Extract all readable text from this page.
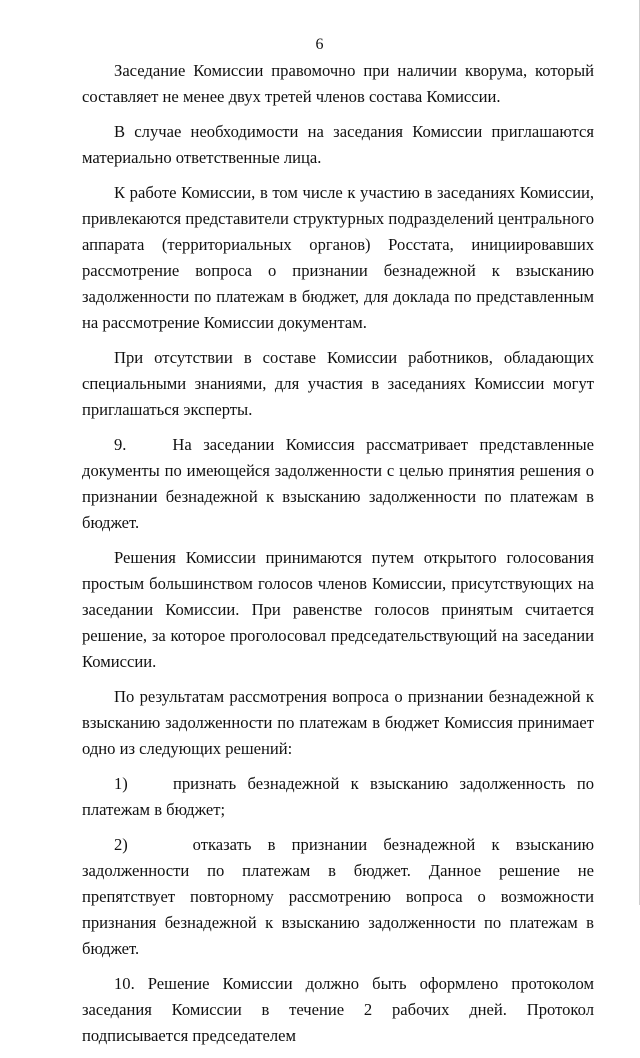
6

Заседание Комиссии правомочно при наличии кворума, который составляет не менее двух третей членов состава Комиссии.

В случае необходимости на заседания Комиссии приглашаются материально ответственные лица.

К работе Комиссии, в том числе к участию в заседаниях Комиссии, привлекаются представители структурных подразделений центрального аппарата (территориальных органов) Росстата, инициировавших рассмотрение вопроса о признании безнадежной к взысканию задолженности по платежам в бюджет, для доклада по представленным на рассмотрение Комиссии документам.

При отсутствии в составе Комиссии работников, обладающих специальными знаниями, для участия в заседаниях Комиссии могут приглашаться эксперты.

9.    На заседании Комиссия рассматривает представленные документы по имеющейся задолженности с целью принятия решения о признании безнадежной к взысканию задолженности по платежам в бюджет.

Решения Комиссии принимаются путем открытого голосования простым большинством голосов членов Комиссии, присутствующих на заседании Комиссии. При равенстве голосов принятым считается решение, за которое проголосовал председательствующий на заседании Комиссии.

По результатам рассмотрения вопроса о признании безнадежной к взысканию задолженности по платежам в бюджет Комиссия принимает одно из следующих решений:

1)    признать безнадежной к взысканию задолженность по платежам в бюджет;

2)    отказать в признании безнадежной к взысканию задолженности по платежам в бюджет. Данное решение не препятствует повторному рассмотрению вопроса о возможности признания безнадежной к взысканию задолженности по платежам в бюджет.

10. Решение Комиссии должно быть оформлено протоколом заседания Комиссии в течение 2 рабочих дней. Протокол подписывается председателем
